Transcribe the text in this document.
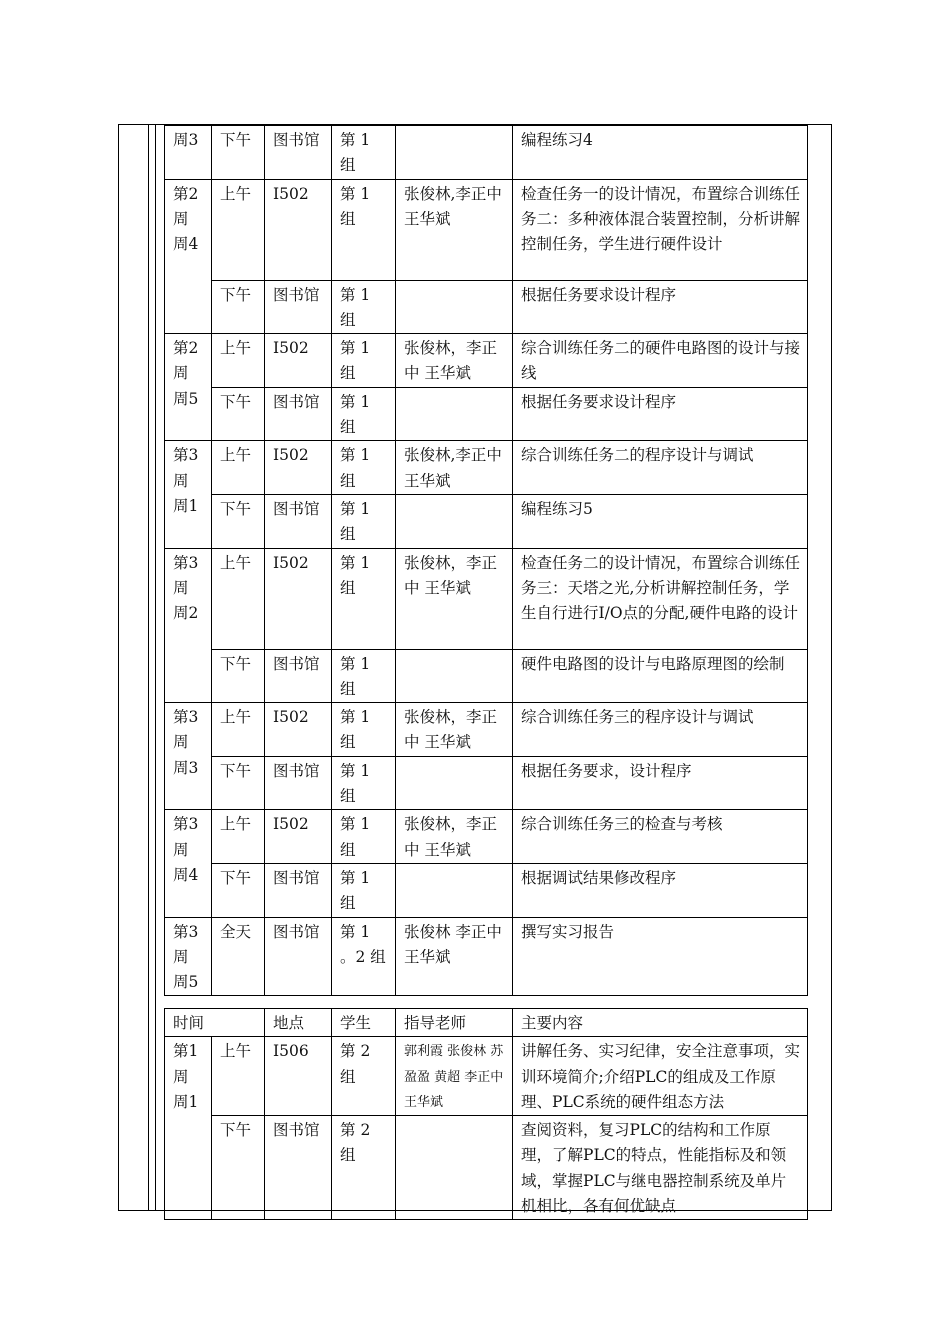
周3	下午	图书馆	第 1 组		编程练习4
第2周 周4	上午	I502	第 1 组	张俊林,李正中 王华斌	检查任务一的设计情况，布置综合训练任务二：多种液体混合装置控制，分析讲解控制任务，学生进行硬件设计
	下午	图书馆	第 1 组		根据任务要求设计程序
第2周 周5	上午	I502	第 1 组	张俊林，李正中 王华斌	综合训练任务二的硬件电路图的设计与接线
	下午	图书馆	第 1 组		根据任务要求设计程序
第3周 周1	上午	I502	第 1 组	张俊林,李正中 王华斌	综合训练任务二的程序设计与调试
	下午	图书馆	第 1 组		编程练习5
第3周 周2	上午	I502	第 1 组	张俊林，李正中 王华斌	检查任务二的设计情况，布置综合训练任务三：天塔之光,分析讲解控制任务，学生自行进行I/O点的分配,硬件电路的设计
	下午	图书馆	第 1 组		硬件电路图的设计与电路原理图的绘制
第3周 周3	上午	I502	第 1 组	张俊林，李正中 王华斌	综合训练任务三的程序设计与调试
	下午	图书馆	第 1 组		根据任务要求，设计程序
第3周 周4	上午	I502	第 1 组	张俊林，李正中 王华斌	综合训练任务三的检查与考核
	下午	图书馆	第 1 组		根据调试结果修改程序
第3周 周5	全天	图书馆	第 1 。2 组	张俊林 李正中 王华斌	撰写实习报告
时间		地点	学生	指导老师	主要内容
第1周 周1	上午	I506	第 2 组	郭利霞 张俊林 苏盈盈 黄超 李正中 王华斌	讲解任务、实习纪律，安全注意事项，实训环境简介;介绍PLC的组成及工作原理、PLC系统的硬件组态方法
	下午	图书馆	第 2 组		查阅资料，复习PLC的结构和工作原理，了解PLC的特点，性能指标及和领域，掌握PLC与继电器控制系统及单片机相比，各有何优缺点
